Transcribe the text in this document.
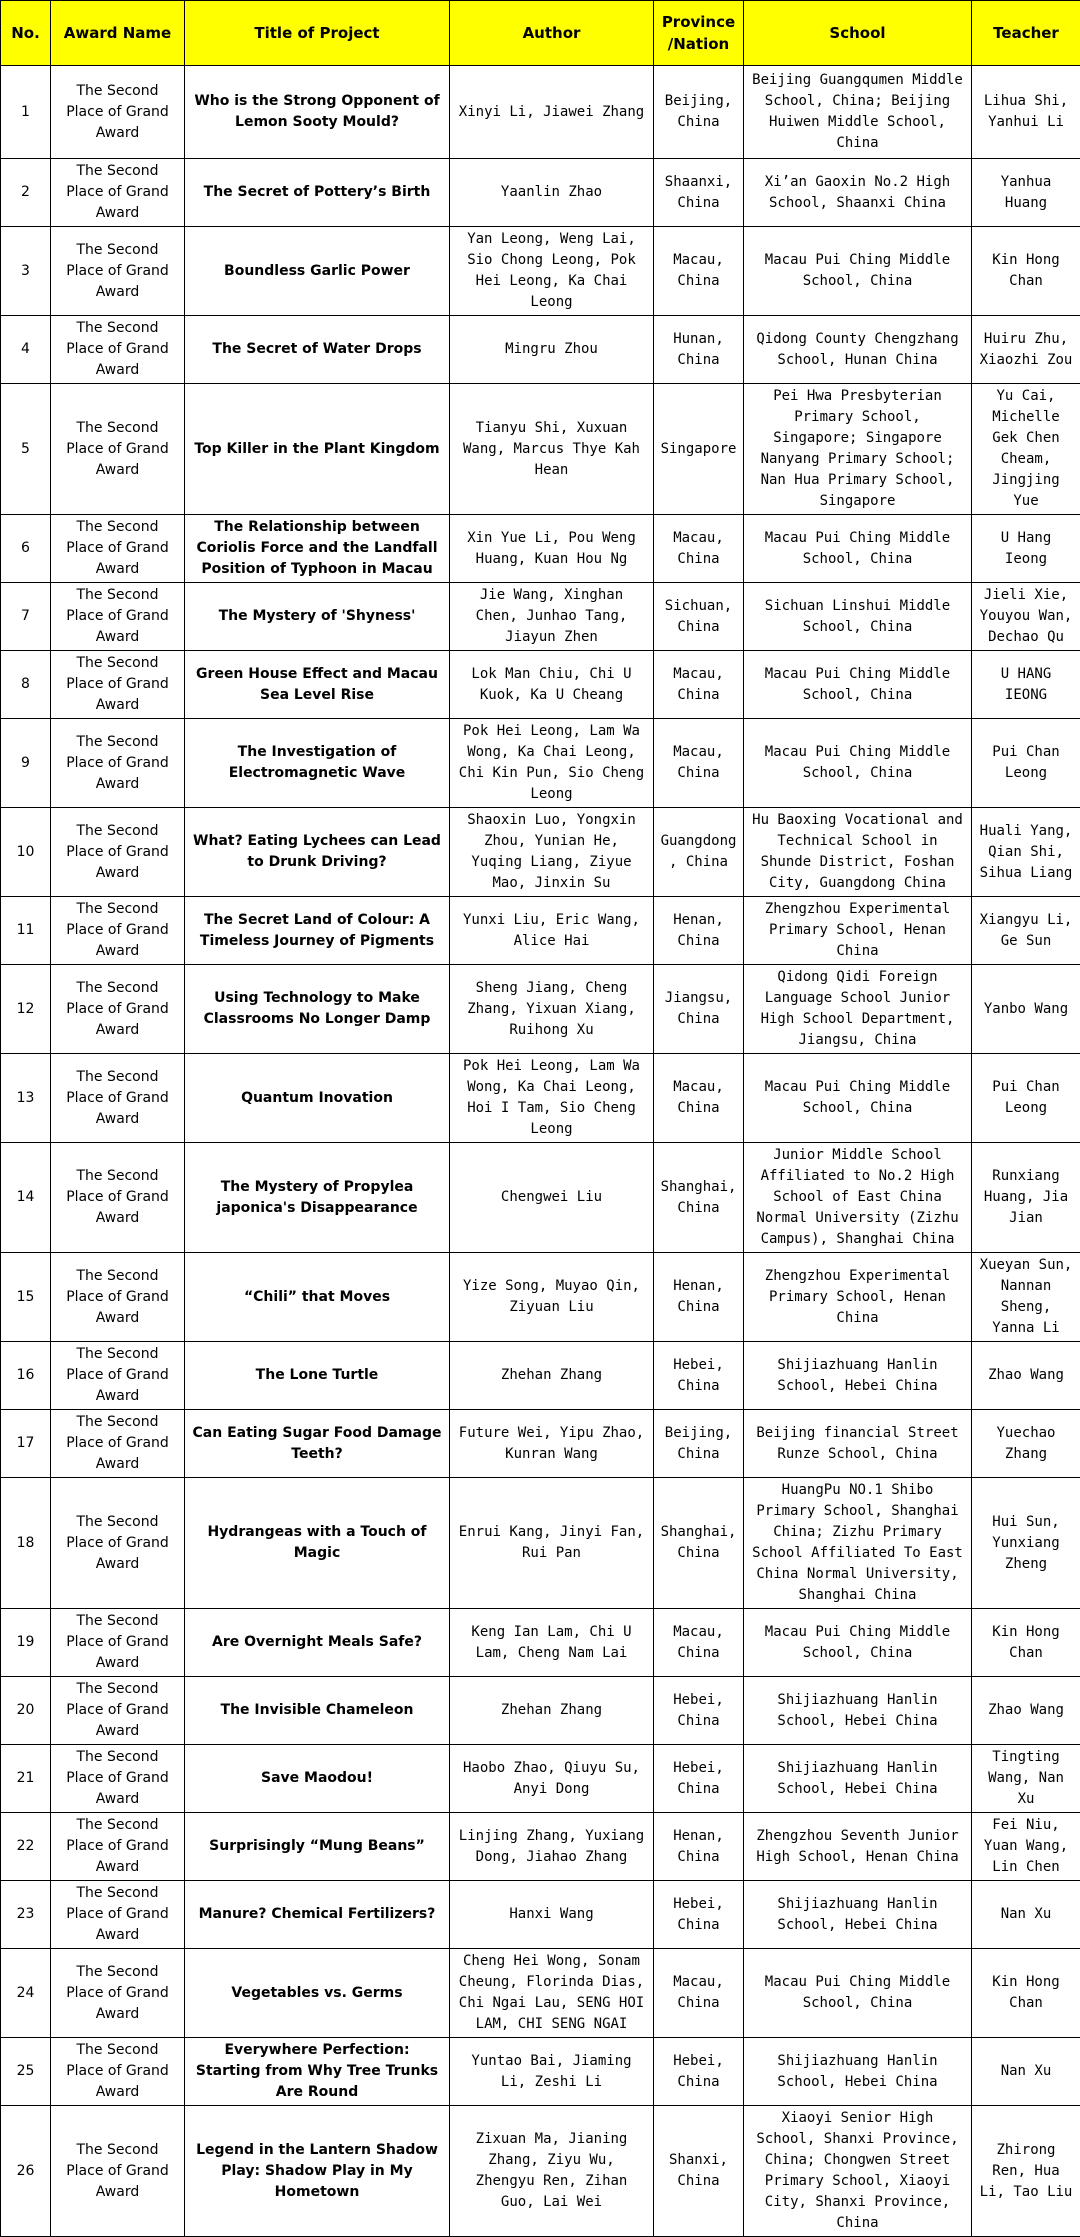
No.	Award Name	Title of Project	Author	Province /Nation	School	Teacher
1	The Second Place of Grand Award	Who is the Strong Opponent of Lemon Sooty Mould?	Xinyi Li, Jiawei Zhang	Beijing, China	Beijing Guangqumen Middle School, China; Beijing Huiwen Middle School, China	Lihua Shi, Yanhui Li
2	The Second Place of Grand Award	The Secret of Pottery’s Birth	Yaanlin Zhao	Shaanxi, China	Xi’an Gaoxin No.2 High School, Shaanxi China	Yanhua Huang
3	The Second Place of Grand Award	Boundless Garlic Power	Yan Leong, Weng Lai, Sio Chong Leong, Pok Hei Leong, Ka Chai Leong	Macau, China	Macau Pui Ching Middle School, China	Kin Hong Chan
4	The Second Place of Grand Award	The Secret of Water Drops	Mingru Zhou	Hunan, China	Qidong County Chengzhang School, Hunan China	Huiru Zhu, Xiaozhi Zou
5	The Second Place of Grand Award	Top Killer in the Plant Kingdom	Tianyu Shi, Xuxuan Wang, Marcus Thye Kah Hean	Singapore	Pei Hwa Presbyterian Primary School, Singapore; Singapore Nanyang Primary School; Nan Hua Primary School, Singapore	Yu Cai, Michelle Gek Chen Cheam, Jingjing Yue
6	The Second Place of Grand Award	The Relationship between Coriolis Force and the Landfall Position of Typhoon in Macau	Xin Yue Li, Pou Weng Huang, Kuan Hou Ng	Macau, China	Macau Pui Ching Middle School, China	U Hang Ieong
7	The Second Place of Grand Award	The Mystery of 'Shyness'	Jie Wang, Xinghan Chen, Junhao Tang, Jiayun Zhen	Sichuan, China	Sichuan Linshui Middle School, China	Jieli Xie, Youyou Wan, Dechao Qu
8	The Second Place of Grand Award	Green House Effect and Macau Sea Level Rise	Lok Man Chiu, Chi U Kuok, Ka U Cheang	Macau, China	Macau Pui Ching Middle School, China	U HANG IEONG
9	The Second Place of Grand Award	The Investigation of Electromagnetic Wave	Pok Hei Leong, Lam Wa Wong, Ka Chai Leong, Chi Kin Pun, Sio Cheng Leong	Macau, China	Macau Pui Ching Middle School, China	Pui Chan Leong
10	The Second Place of Grand Award	What? Eating Lychees can Lead to Drunk Driving?	Shaoxin Luo, Yongxin Zhou, Yunian He, Yuqing Liang, Ziyue Mao, Jinxin Su	Guangdong, China	Hu Baoxing Vocational and Technical School in Shunde District, Foshan City, Guangdong China	Huali Yang, Qian Shi, Sihua Liang
11	The Second Place of Grand Award	The Secret Land of Colour: A Timeless Journey of Pigments	Yunxi Liu, Eric Wang, Alice Hai	Henan, China	Zhengzhou Experimental Primary School, Henan China	Xiangyu Li, Ge Sun
12	The Second Place of Grand Award	Using Technology to Make Classrooms No Longer Damp	Sheng Jiang, Cheng Zhang, Yixuan Xiang, Ruihong Xu	Jiangsu, China	Qidong Qidi Foreign Language School Junior High School Department, Jiangsu, China	Yanbo Wang
13	The Second Place of Grand Award	Quantum Inovation	Pok Hei Leong, Lam Wa Wong, Ka Chai Leong, Hoi I Tam, Sio Cheng Leong	Macau, China	Macau Pui Ching Middle School, China	Pui Chan Leong
14	The Second Place of Grand Award	The Mystery of Propylea japonica's Disappearance	Chengwei Liu	Shanghai, China	Junior Middle School Affiliated to No.2 High School of East China Normal University (Zizhu Campus), Shanghai China	Runxiang Huang, Jia Jian
15	The Second Place of Grand Award	“Chili” that Moves	Yize Song, Muyao Qin, Ziyuan Liu	Henan, China	Zhengzhou Experimental Primary School, Henan China	Xueyan Sun, Nannan Sheng, Yanna Li
16	The Second Place of Grand Award	The Lone Turtle	Zhehan Zhang	Hebei, China	Shijiazhuang Hanlin School, Hebei China	Zhao Wang
17	The Second Place of Grand Award	Can Eating Sugar Food Damage Teeth?	Future Wei, Yipu Zhao, Kunran Wang	Beijing, China	Beijing financial Street Runze School, China	Yuechao Zhang
18	The Second Place of Grand Award	Hydrangeas with a Touch of Magic	Enrui Kang, Jinyi Fan, Rui Pan	Shanghai, China	HuangPu NO.1 Shibo Primary School, Shanghai China; Zizhu Primary School Affiliated To East China Normal University, Shanghai China	Hui Sun, Yunxiang Zheng
19	The Second Place of Grand Award	Are Overnight Meals Safe?	Keng Ian Lam, Chi U Lam, Cheng Nam Lai	Macau, China	Macau Pui Ching Middle School, China	Kin Hong Chan
20	The Second Place of Grand Award	The Invisible Chameleon	Zhehan Zhang	Hebei, China	Shijiazhuang Hanlin School, Hebei China	Zhao Wang
21	The Second Place of Grand Award	Save Maodou!	Haobo Zhao, Qiuyu Su, Anyi Dong	Hebei, China	Shijiazhuang Hanlin School, Hebei China	Tingting Wang, Nan Xu
22	The Second Place of Grand Award	Surprisingly “Mung Beans”	Linjing Zhang, Yuxiang Dong, Jiahao Zhang	Henan, China	Zhengzhou Seventh Junior High School, Henan China	Fei Niu, Yuan Wang, Lin Chen
23	The Second Place of Grand Award	Manure? Chemical Fertilizers?	Hanxi Wang	Hebei, China	Shijiazhuang Hanlin School, Hebei China	Nan Xu
24	The Second Place of Grand Award	Vegetables vs. Germs	Cheng Hei Wong, Sonam Cheung, Florinda Dias, Chi Ngai Lau, SENG HOI LAM, CHI SENG NGAI	Macau, China	Macau Pui Ching Middle School, China	Kin Hong Chan
25	The Second Place of Grand Award	Everywhere Perfection: Starting from Why Tree Trunks Are Round	Yuntao Bai, Jiaming Li, Zeshi Li	Hebei, China	Shijiazhuang Hanlin School, Hebei China	Nan Xu
26	The Second Place of Grand Award	Legend in the Lantern Shadow Play: Shadow Play in My Hometown	Zixuan Ma, Jianing Zhang, Ziyu Wu, Zhengyu Ren, Zihan Guo, Lai Wei	Shanxi, China	Xiaoyi Senior High School, Shanxi Province, China; Chongwen Street Primary School, Xiaoyi City, Shanxi Province, China	Zhirong Ren, Hua Li, Tao Liu
